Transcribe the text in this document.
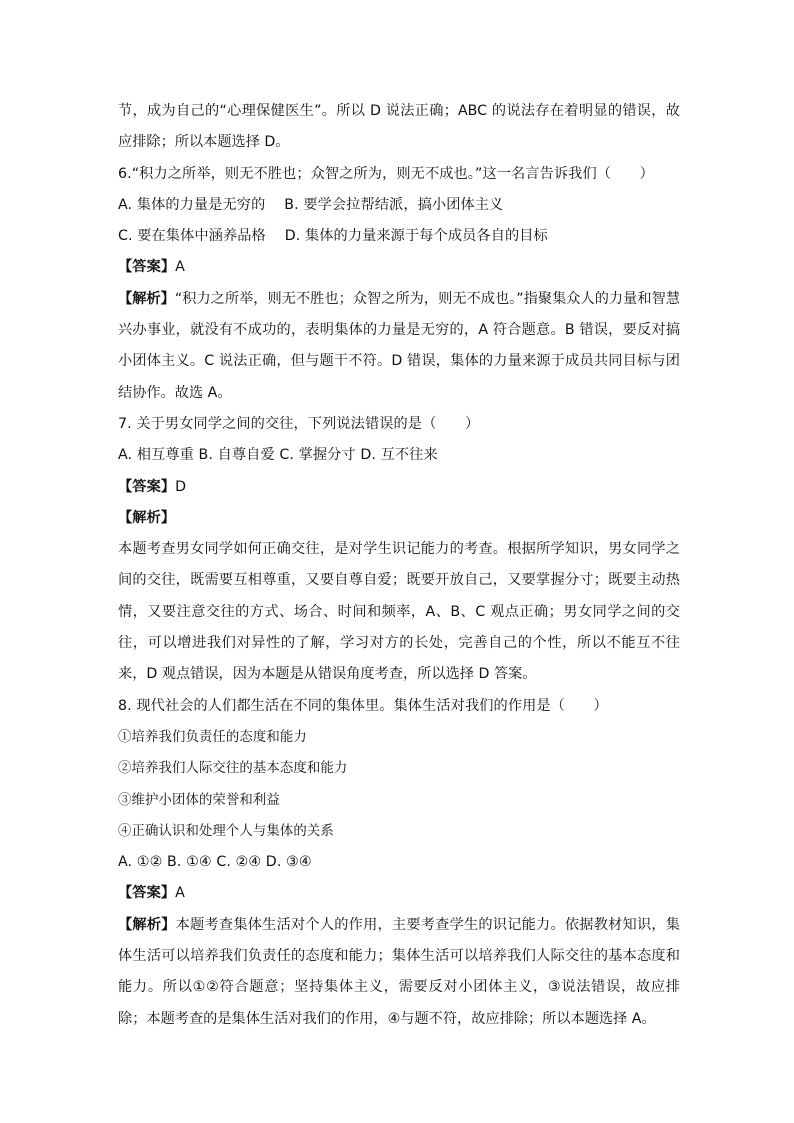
节，成为自己的“心理保健医生”。所以 D 说法正确；ABC 的说法存在着明显的错误，故应排除；所以本题选择 D。
6.“积力之所举，则无不胜也；众智之所为，则无不成也。”这一名言告诉我们（　　）
A. 集体的力量是无穷的　 B. 要学会拉帮结派，搞小团体主义
C. 要在集体中涵养品格　 D. 集体的力量来源于每个成员各自的目标
【答案】A
【解析】“积力之所举，则无不胜也；众智之所为，则无不成也。”指聚集众人的力量和智慧兴办事业，就没有不成功的，表明集体的力量是无穷的，A 符合题意。B 错误，要反对搞小团体主义。C 说法正确，但与题干不符。D 错误，集体的力量来源于成员共同目标与团结协作。故选 A。
7. 关于男女同学之间的交往，下列说法错误的是（　　）
A. 相互尊重 B. 自尊自爱 C. 掌握分寸 D. 互不往来
【答案】D
【解析】
本题考查男女同学如何正确交往，是对学生识记能力的考查。根据所学知识，男女同学之间的交往，既需要互相尊重，又要自尊自爱；既要开放自己，又要掌握分寸；既要主动热情，又要注意交往的方式、场合、时间和频率，A、B、C 观点正确；男女同学之间的交往，可以增进我们对异性的了解，学习对方的长处，完善自己的个性，所以不能互不往来，D 观点错误，因为本题是从错误角度考查，所以选择 D 答案。
8. 现代社会的人们都生活在不同的集体里。集体生活对我们的作用是（　　）
①培养我们负责任的态度和能力
②培养我们人际交往的基本态度和能力
③维护小团体的荣誉和利益
④正确认识和处理个人与集体的关系
A. ①② B. ①④ C. ②④ D. ③④
【答案】A
【解析】本题考查集体生活对个人的作用，主要考查学生的识记能力。依据教材知识，集体生活可以培养我们负责任的态度和能力；集体生活可以培养我们人际交往的基本态度和能力。所以①②符合题意；坚持集体主义，需要反对小团体主义，③说法错误，故应排除；本题考查的是集体生活对我们的作用，④与题不符，故应排除；所以本题选择 A。
